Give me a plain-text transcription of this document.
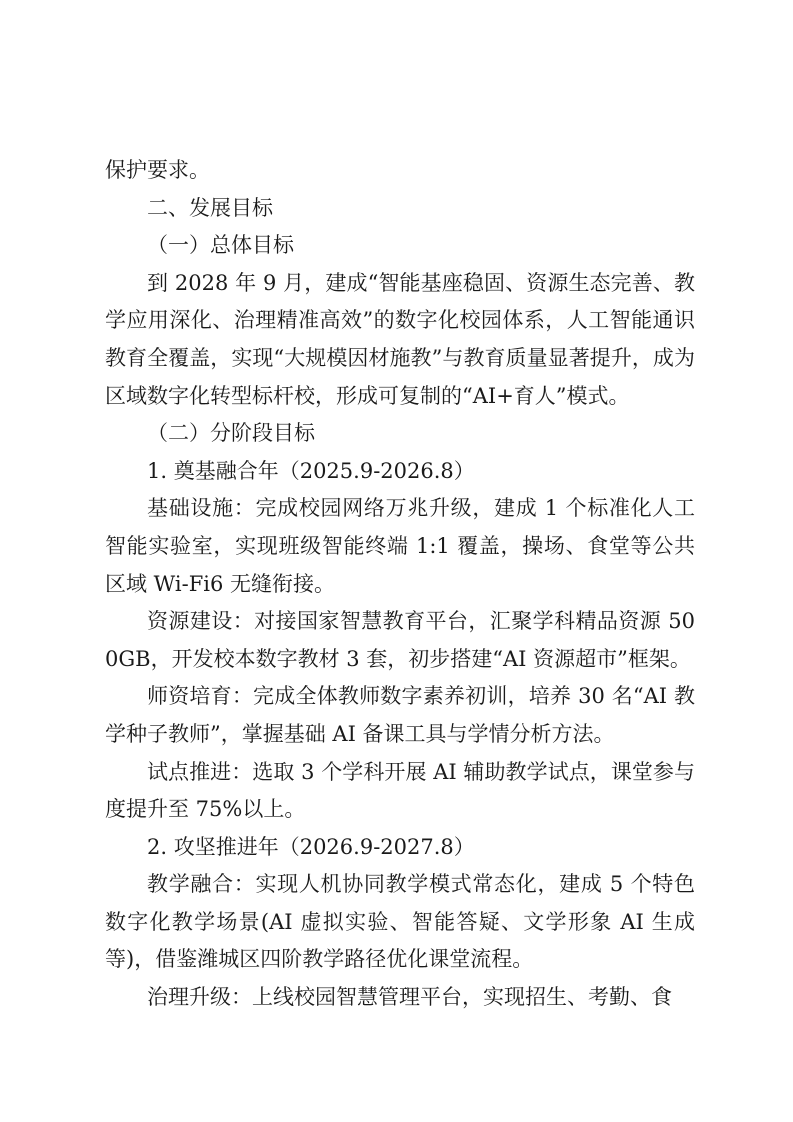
保护要求。

二、发展目标
（一）总体目标

到 2028 年 9 月，建成“智能基座稳固、资源生态完善、教学应用深化、治理精准高效”的数字化校园体系，人工智能通识教育全覆盖，实现“大规模因材施教”与教育质量显著提升，成为区域数字化转型标杆校，形成可复制的“AI+育人”模式。

（二）分阶段目标
1. 奠基融合年（2025.9-2026.8）

基础设施：完成校园网络万兆升级，建成 1 个标准化人工智能实验室，实现班级智能终端 1:1 覆盖，操场、食堂等公共区域 Wi-Fi6 无缝衔接。

资源建设：对接国家智慧教育平台，汇聚学科精品资源 500GB，开发校本数字教材 3 套，初步搭建“AI 资源超市”框架。

师资培育：完成全体教师数字素养初训，培养 30 名“AI 教学种子教师”，掌握基础 AI 备课工具与学情分析方法。

试点推进：选取 3 个学科开展 AI 辅助教学试点，课堂参与度提升至 75%以上。

2. 攻坚推进年（2026.9-2027.8）

教学融合：实现人机协同教学模式常态化，建成 5 个特色数字化教学场景(AI 虚拟实验、智能答疑、文学形象 AI 生成等)，借鉴潍城区四阶教学路径优化课堂流程。

治理升级：上线校园智慧管理平台，实现招生、考勤、食
